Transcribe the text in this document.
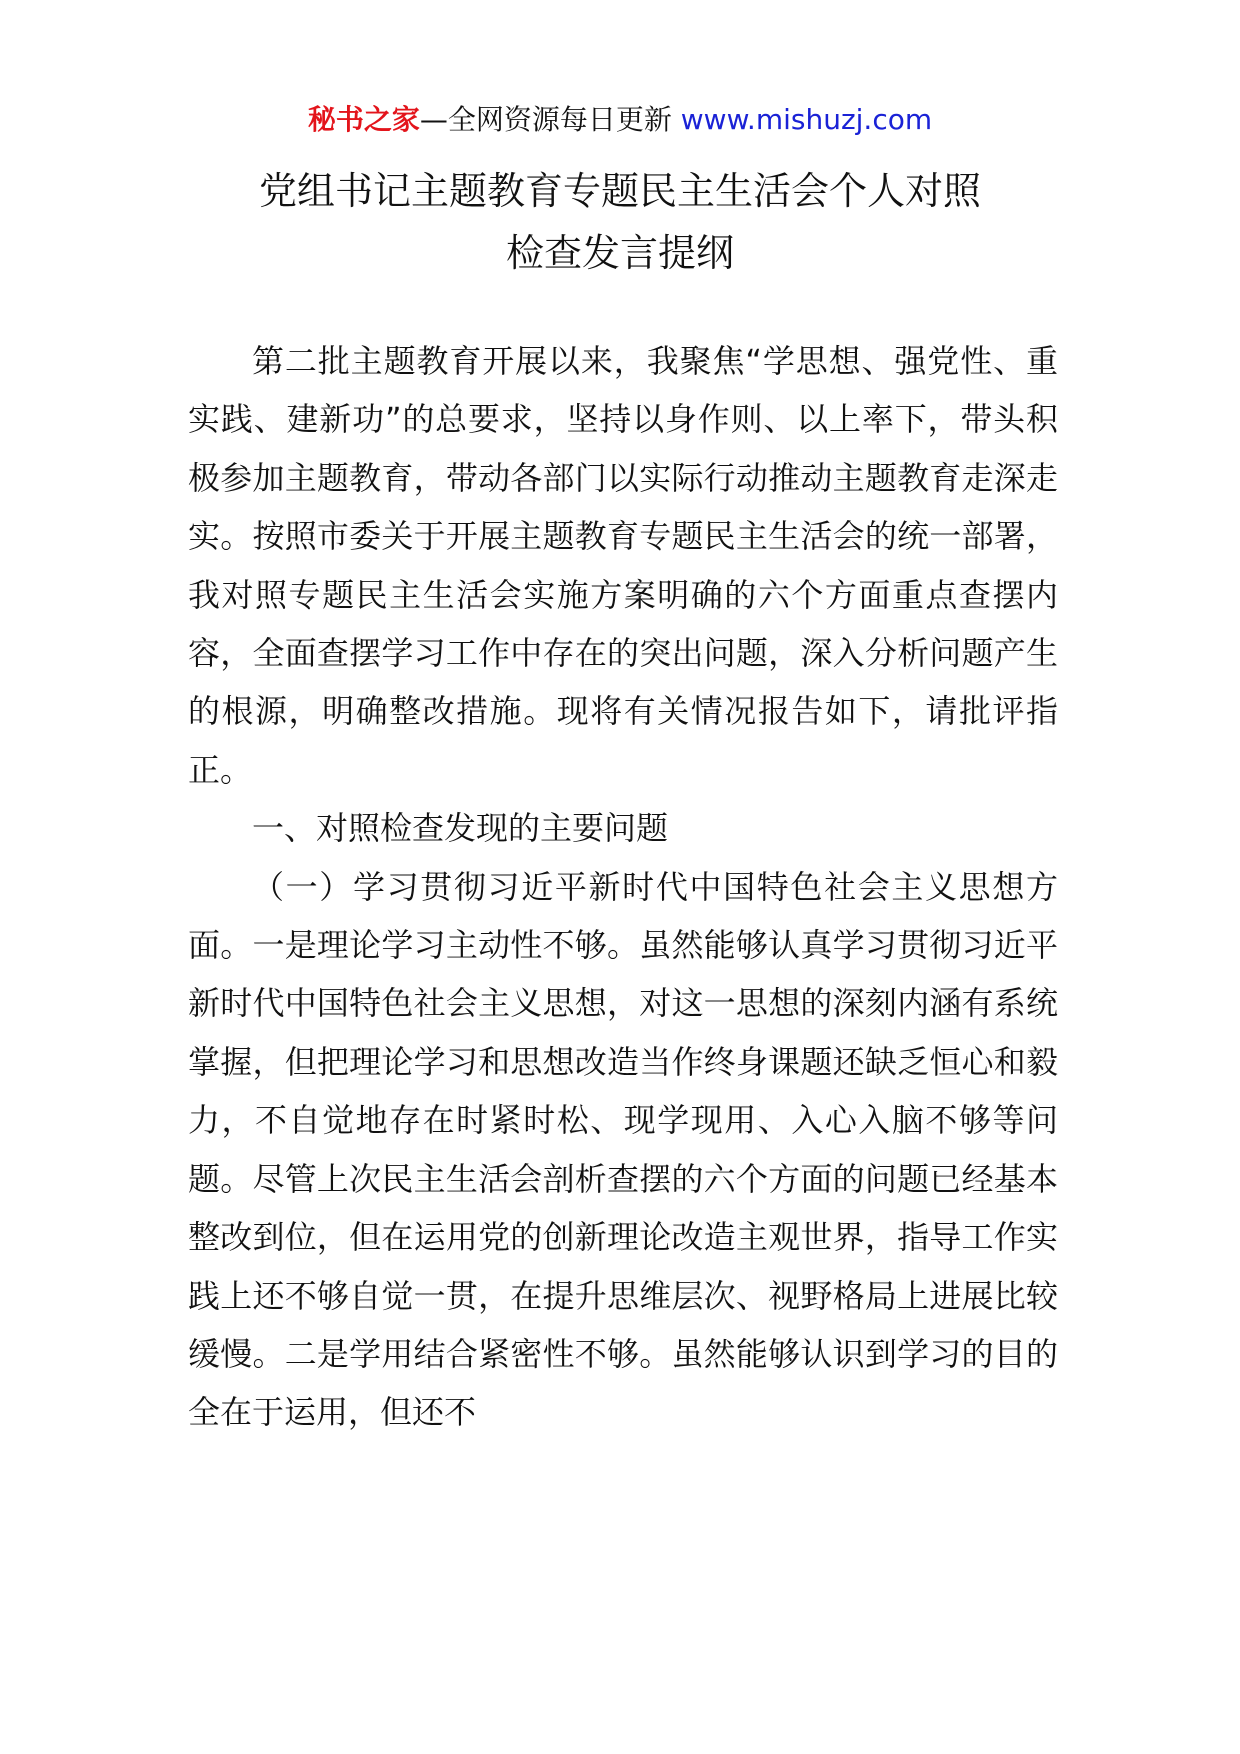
秘书之家—全网资源每日更新 www.mishuzj.com
党组书记主题教育专题民主生活会个人对照
检查发言提纲

第二批主题教育开展以来，我聚焦“学思想、强党性、重实践、建新功”的总要求，坚持以身作则、以上率下，带头积极参加主题教育，带动各部门以实际行动推动主题教育走深走实。按照市委关于开展主题教育专题民主生活会的统一部署，我对照专题民主生活会实施方案明确的六个方面重点查摆内容，全面查摆学习工作中存在的突出问题，深入分析问题产生的根源，明确整改措施。现将有关情况报告如下，请批评指正。

一、对照检查发现的主要问题

（一）学习贯彻习近平新时代中国特色社会主义思想方面。一是理论学习主动性不够。虽然能够认真学习贯彻习近平新时代中国特色社会主义思想，对这一思想的深刻内涵有系统掌握，但把理论学习和思想改造当作终身课题还缺乏恒心和毅力，不自觉地存在时紧时松、现学现用、入心入脑不够等问题。尽管上次民主生活会剖析查摆的六个方面的问题已经基本整改到位，但在运用党的创新理论改造主观世界，指导工作实践上还不够自觉一贯，在提升思维层次、视野格局上进展比较缓慢。二是学用结合紧密性不够。虽然能够认识到学习的目的全在于运用，但还不
